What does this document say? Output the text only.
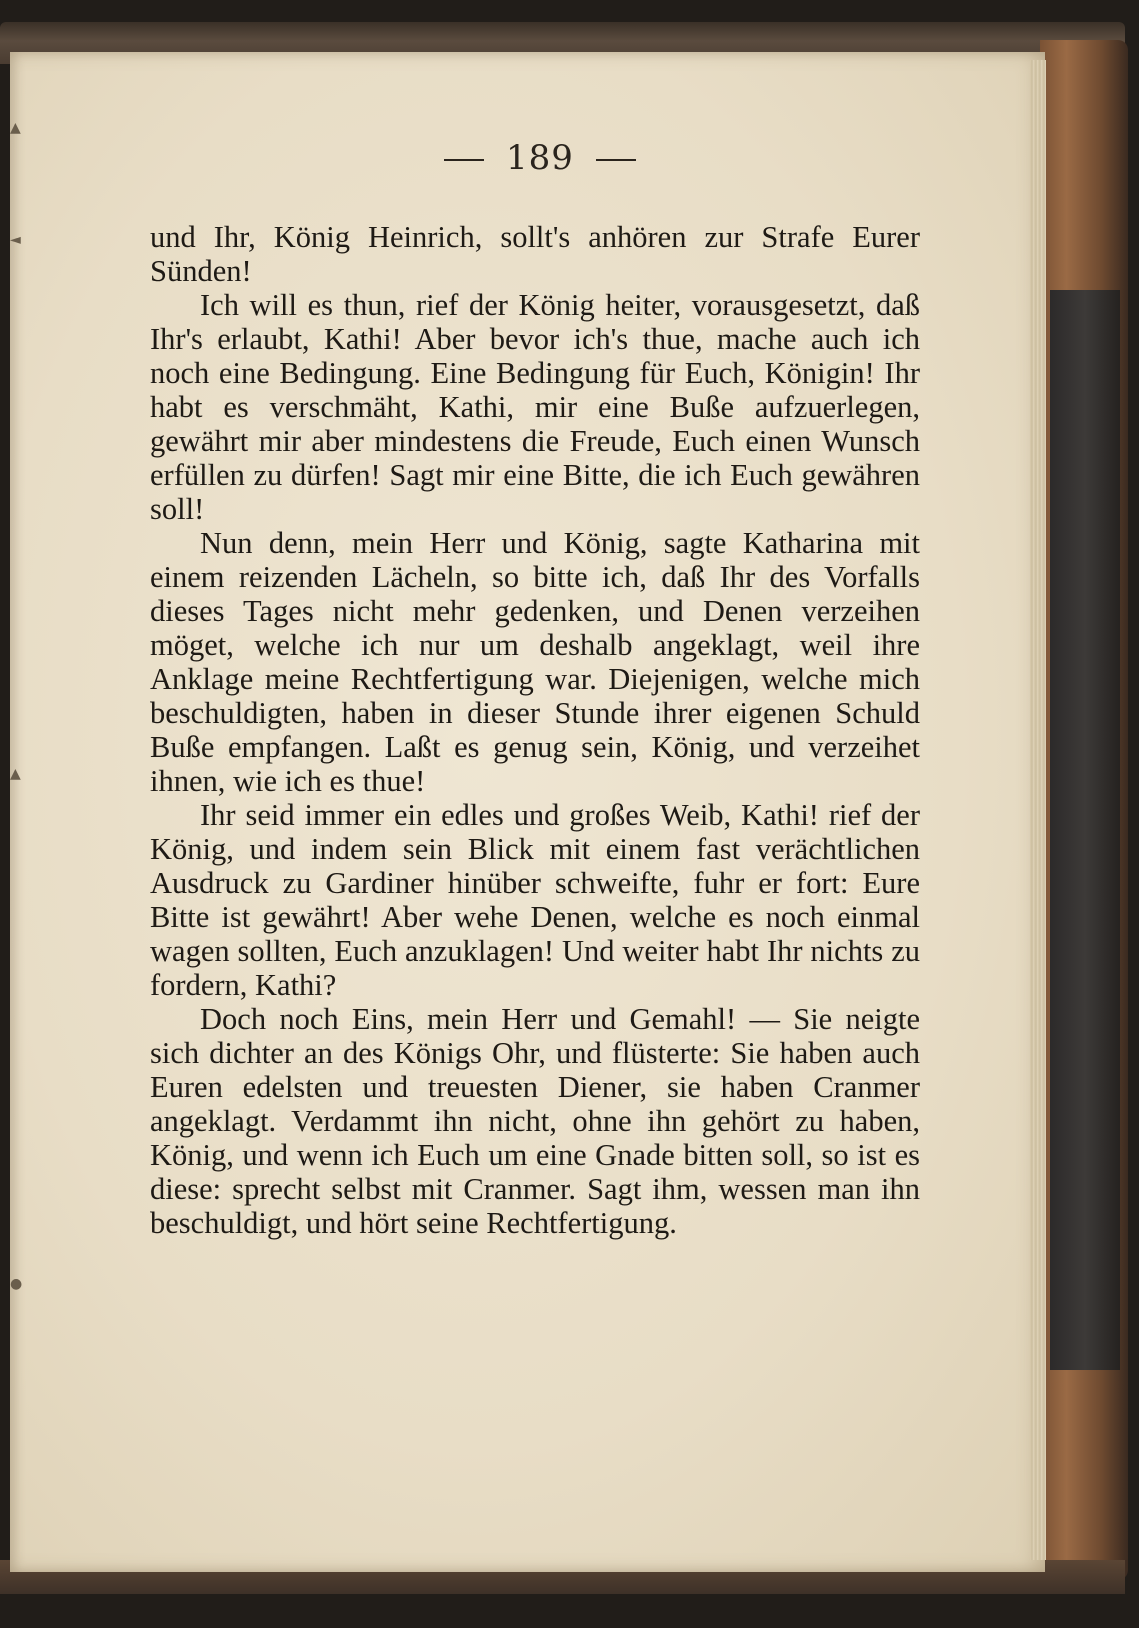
▲
◄
▲
●
189

und Ihr, König Heinrich, sollt's anhören zur Strafe Eurer Sünden!

Ich will es thun, rief der König heiter, vorausgesetzt, daß Ihr's erlaubt, Kathi! Aber bevor ich's thue, mache auch ich noch eine Bedingung. Eine Bedingung für Euch, Königin! Ihr habt es verschmäht, Kathi, mir eine Buße aufzuerlegen, gewährt mir aber mindestens die Freude, Euch einen Wunsch erfüllen zu dürfen! Sagt mir eine Bitte, die ich Euch gewähren soll!

Nun denn, mein Herr und König, sagte Katharina mit einem reizenden Lächeln, so bitte ich, daß Ihr des Vorfalls dieses Tages nicht mehr gedenken, und Denen verzeihen möget, welche ich nur um deshalb angeklagt, weil ihre Anklage meine Rechtfertigung war. Diejenigen, welche mich beschuldigten, haben in dieser Stunde ihrer eigenen Schuld Buße empfangen. Laßt es genug sein, König, und verzeihet ihnen, wie ich es thue!

Ihr seid immer ein edles und großes Weib, Kathi! rief der König, und indem sein Blick mit einem fast verächtlichen Ausdruck zu Gardiner hinüber schweifte, fuhr er fort: Eure Bitte ist gewährt! Aber wehe Denen, welche es noch einmal wagen sollten, Euch anzuklagen! Und weiter habt Ihr nichts zu fordern, Kathi?

Doch noch Eins, mein Herr und Gemahl! — Sie neigte sich dichter an des Königs Ohr, und flüsterte: Sie haben auch Euren edelsten und treuesten Diener, sie haben Cranmer angeklagt. Verdammt ihn nicht, ohne ihn gehört zu haben, König, und wenn ich Euch um eine Gnade bitten soll, so ist es diese: sprecht selbst mit Cranmer. Sagt ihm, wessen man ihn beschuldigt, und hört seine Rechtfertigung.
